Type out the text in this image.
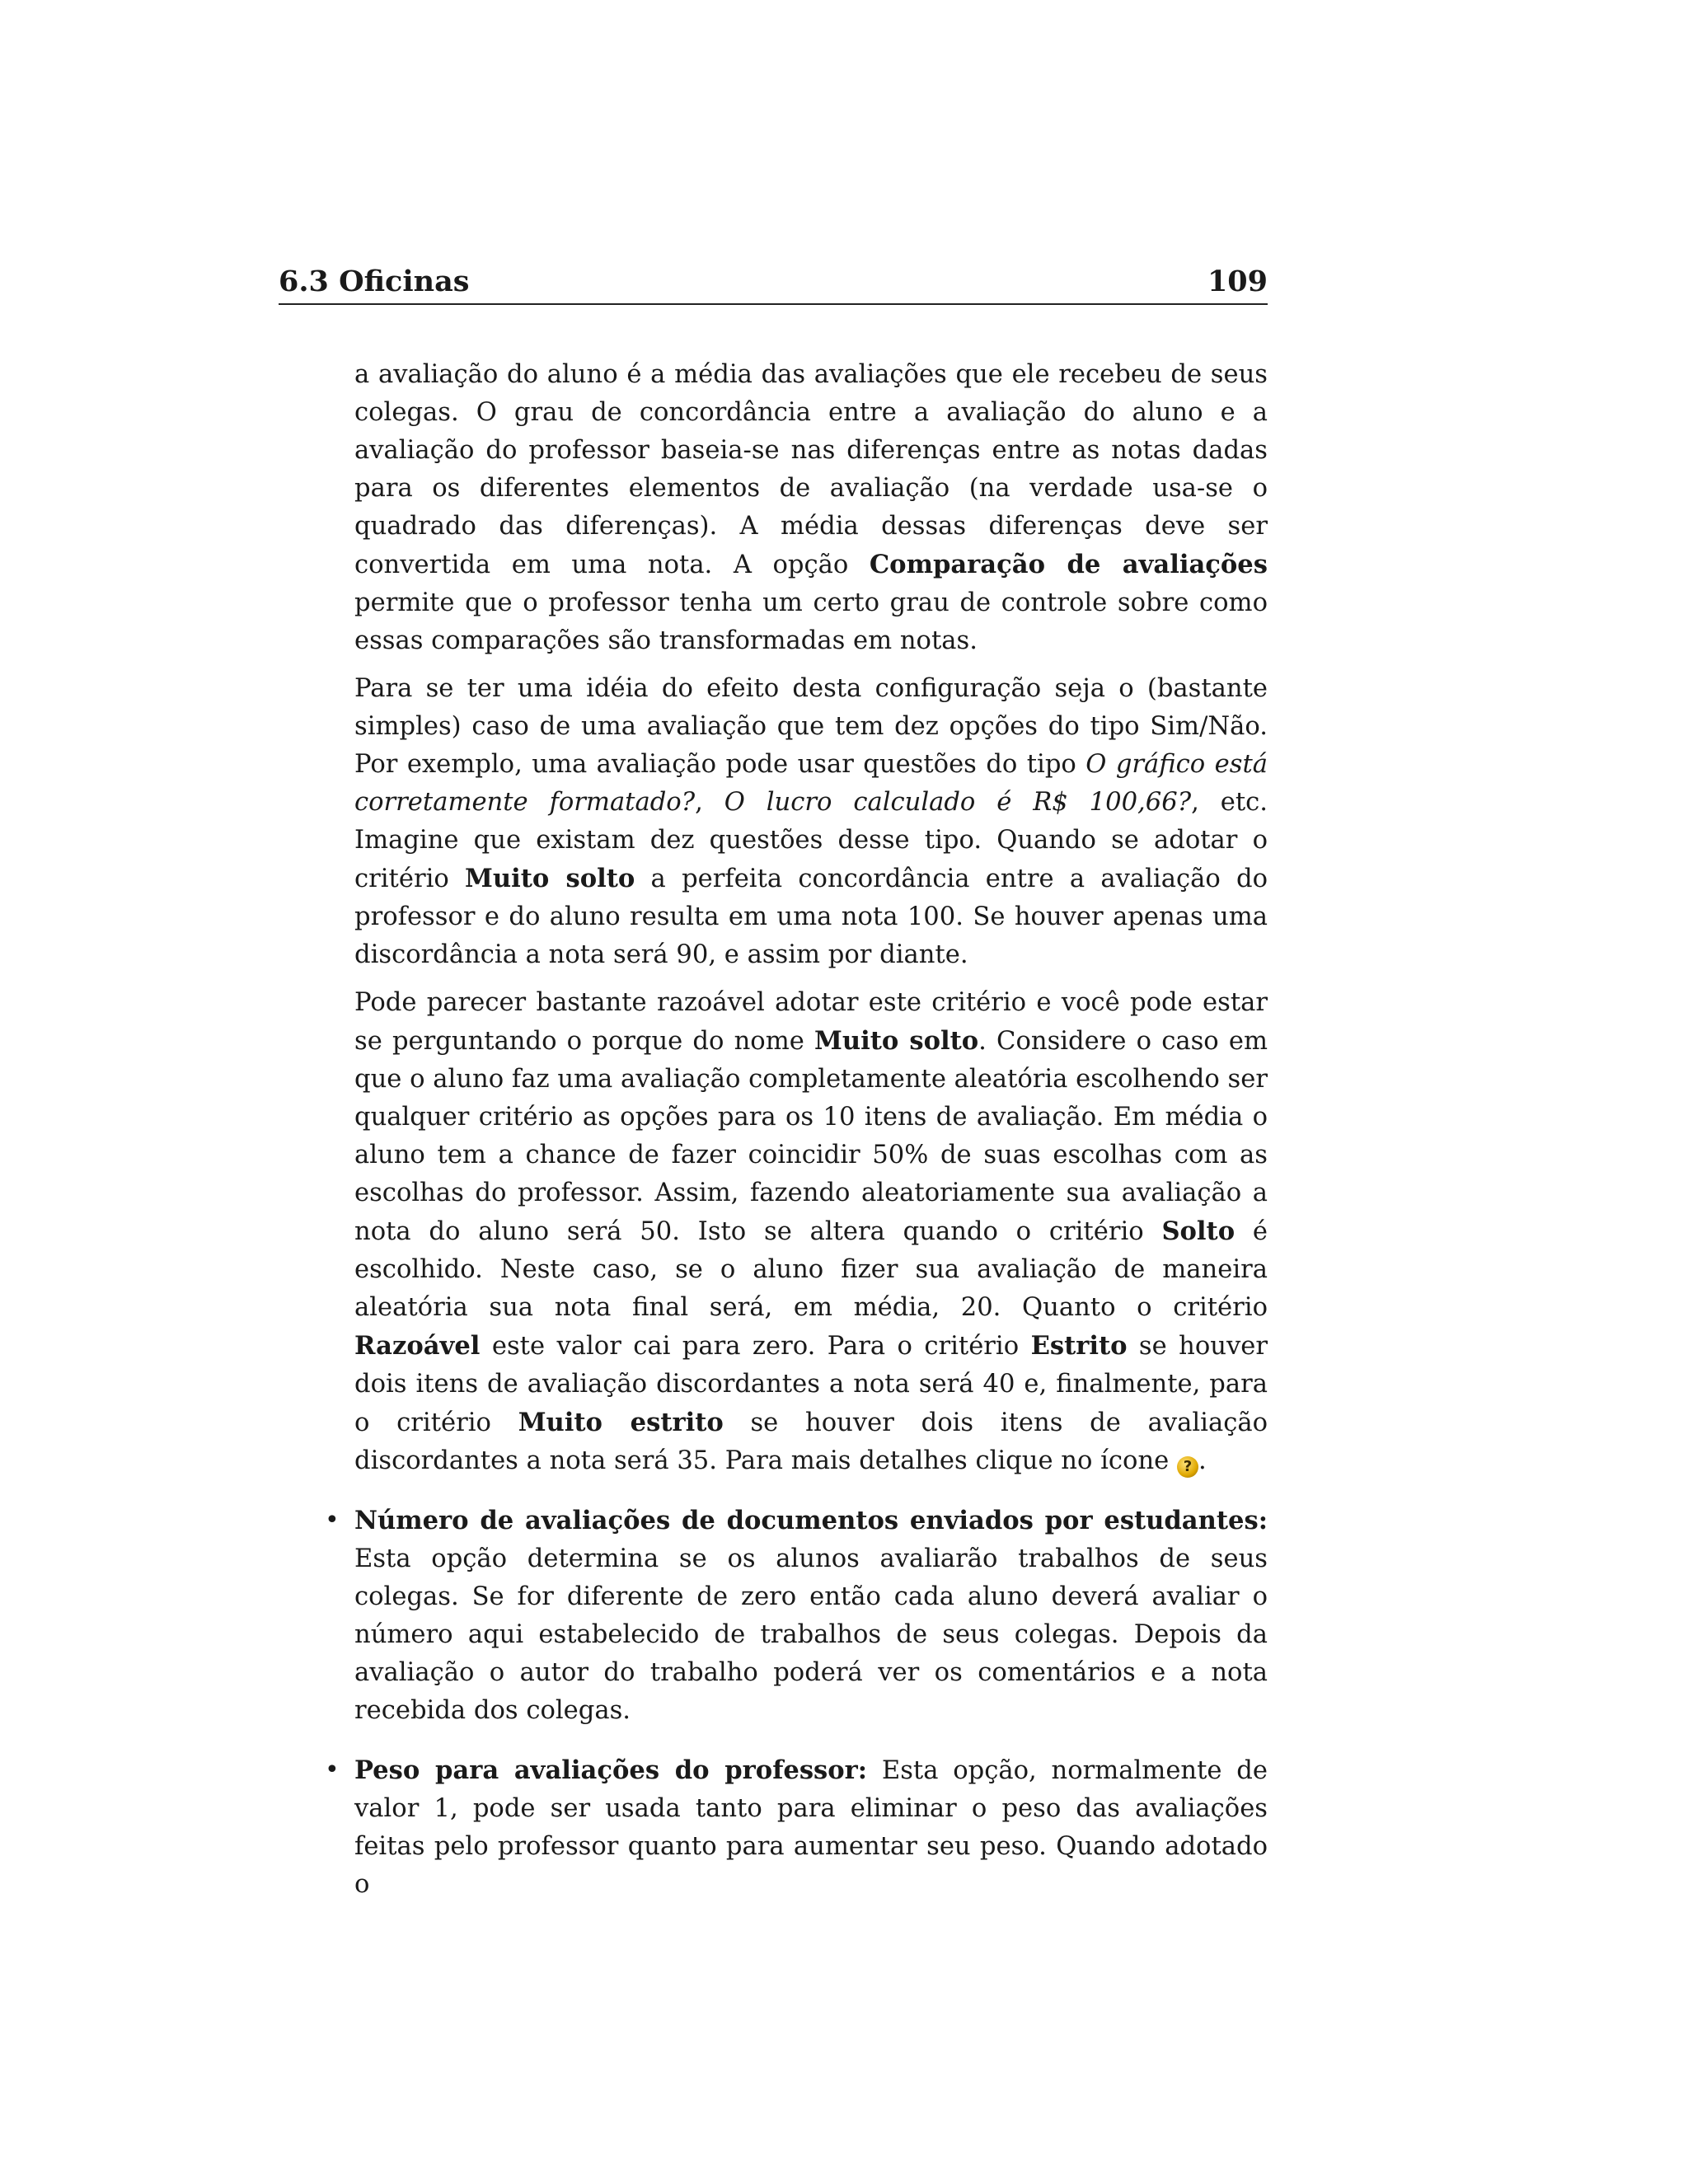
6.3 Oficinas	109

a avaliação do aluno é a média das avaliações que ele recebeu de seus colegas. O grau de concordância entre a avaliação do aluno e a avaliação do professor baseia-se nas diferenças entre as notas dadas para os diferentes elementos de avaliação (na verdade usa-se o quadrado das diferenças). A média dessas diferenças deve ser convertida em uma nota. A opção Comparação de avaliações permite que o professor tenha um certo grau de controle sobre como essas comparações são transformadas em notas.

Para se ter uma idéia do efeito desta configuração seja o (bastante simples) caso de uma avaliação que tem dez opções do tipo Sim/Não. Por exemplo, uma avaliação pode usar questões do tipo O gráfico está corretamente formatado?, O lucro calculado é R$ 100,66?, etc. Imagine que existam dez questões desse tipo. Quando se adotar o critério Muito solto a perfeita concordância entre a avaliação do professor e do aluno resulta em uma nota 100. Se houver apenas uma discordância a nota será 90, e assim por diante.

Pode parecer bastante razoável adotar este critério e você pode estar se perguntando o porque do nome Muito solto. Considere o caso em que o aluno faz uma avaliação completamente aleatória escolhendo ser qualquer critério as opções para os 10 itens de avaliação. Em média o aluno tem a chance de fazer coincidir 50% de suas escolhas com as escolhas do professor. Assim, fazendo aleatoriamente sua avaliação a nota do aluno será 50. Isto se altera quando o critério Solto é escolhido. Neste caso, se o aluno fizer sua avaliação de maneira aleatória sua nota final será, em média, 20. Quanto o critério Razoável este valor cai para zero. Para o critério Estrito se houver dois itens de avaliação discordantes a nota será 40 e, finalmente, para o critério Muito estrito se houver dois itens de avaliação discordantes a nota será 35. Para mais detalhes clique no ícone ? .

• Número de avaliações de documentos enviados por estudantes: Esta opção determina se os alunos avaliarão trabalhos de seus colegas. Se for diferente de zero então cada aluno deverá avaliar o número aqui estabelecido de trabalhos de seus colegas. Depois da avaliação o autor do trabalho poderá ver os comentários e a nota recebida dos colegas.
• Peso para avaliações do professor: Esta opção, normalmente de valor 1, pode ser usada tanto para eliminar o peso das avaliações feitas pelo professor quanto para aumentar seu peso. Quando adotado o
